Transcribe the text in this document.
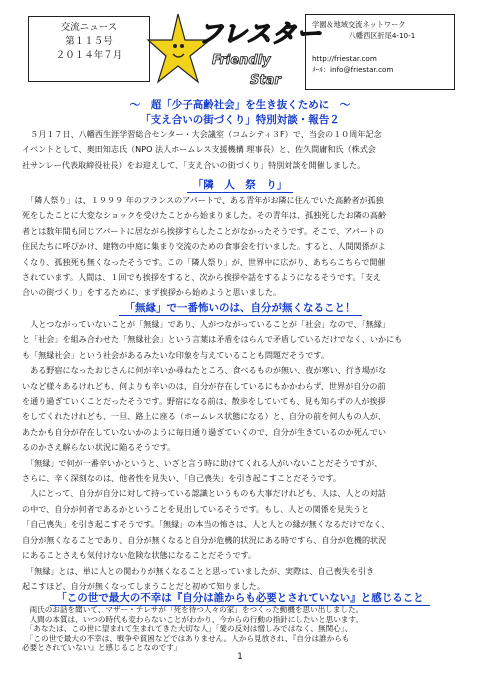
交流ニュース
第１１５号
２０１４年７月
フレスター
Friendly
Star
学園＆地域交流ネットワーク
八幡西区折尾4-10-1
http://friestar.com
ﾒｰﾙ：info@friestar.com
～　超「少子高齢社会」を生き抜くために　～
「支え合いの街づくり」特別対談・報告２
　５月１７日、八幡西生涯学習総合センター・大会議室（コムシティ３F）で、当会の１０周年記念
イベントとして、奥田知志氏（NPO 法人ホームレス支援機構 理事長）と、佐久間庸和氏（株式会
社サンレー代表取締役社長）をお迎えして、「支え合いの街づくり」特別対談を開催しました。
「隣　人　祭　り」
　「隣人祭り」は、１９９９ 年のフランスのアパートで、ある青年がお隣に住んでいた高齢者が孤独
死をしたことに大変なショックを受けたことから始まりました。その青年は、孤独死したお隣の高齢
者とは数年間も同じアパートに居ながら挨拶すらしたことがなかったそうです。そこで、アパートの
住民たちに呼びかけ、建物の中庭に集まり交流のための食事会を行いました。すると、人間関係がよ
くなり、孤独死も無くなったそうです。この「隣人祭り」が、世界中に広がり、あちらこちらで開催
されています。人間は、１回でも挨拶をすると、次から挨拶や話をするようになるそうです。「支え
合いの街づくり」をするために、まず挨拶から始めようと思いました。
「無縁」で一番怖いのは、自分が無くなること！
　人とつながっていないことが「無縁」であり、人がつながっていることが「社会」なので、「無縁」
と「社会」を組み合わせた「無縁社会」という言葉は矛盾をはらんで矛盾しているだけでなく、いかにも
も「無縁社会」という社会があるみたいな印象を与えていることも問題だそうです。
　ある野宿になったおじさんに何が辛いか尋ねたところ、食べるものが無い、夜が寒い、行き場がな
いなど様々あるけれども、何よりも辛いのは、自分が存在しているにもかかわらず、世界が自分の前
を通り過ぎていくことだったそうです。野宿になる前は、散歩をしていても、見も知らずの人が挨拶
をしてくれたけれども、一旦、路上に座る（ホームレス状態になる）と、自分の前を何人もの人が、
あたかも自分が存在していないかのように毎日通り過ぎていくので、自分が生きているのか死んでい
るのかさえ解らない状況に陥るそうです。
　「無縁」で何が一番辛いかというと、いざと言う時に助けてくれる人がいないことだそうですが、
さらに、辛く深刻なのは、他者性を見失い、「自己喪失」を引き起こすことだそうです。
　人にとって、自分が自分に対して持っている認識というものも大事だけれども、人は、人との対話
の中で、自分が何者であるかということを見出しているそうです。もし、人との関係を見失うと
「自己喪失」を引き起こすそうです。「無縁」の本当の怖さは、人と人との縁が無くなるだけでなく、
自分が無くなることであり、自分が無くなると自分が危機的状況にある時ですら、自分が危機的状況
にあることさえも気付けない危険な状態になることだそうです。
　「無縁」とは、単に人との関わりが無くなることと思っていましたが、実際は、自己喪失を引き
起こすほど、自分が無くなってしまうことだと初めて知りました。
「この世で最大の不幸は『自分は誰からも必要とされていない』と感じること
　両氏のお話を聞いて、マザー・テレサが「死を待つ人々の家」をつくった動機を思い出しました。
　人間の本質は、いつの時代も変わらないことがわかり、今からの行動の指針にしたいと思います。
　「あなたは、この世に望まれて生まれてきた大切な人」「愛の反対は憎しみではなく、無関心」、
　「この世で最大の不幸は、戦争や貧困などではありません。人から見放され、『自分は誰からも
必要とされていない』と感じることなのです」
1
